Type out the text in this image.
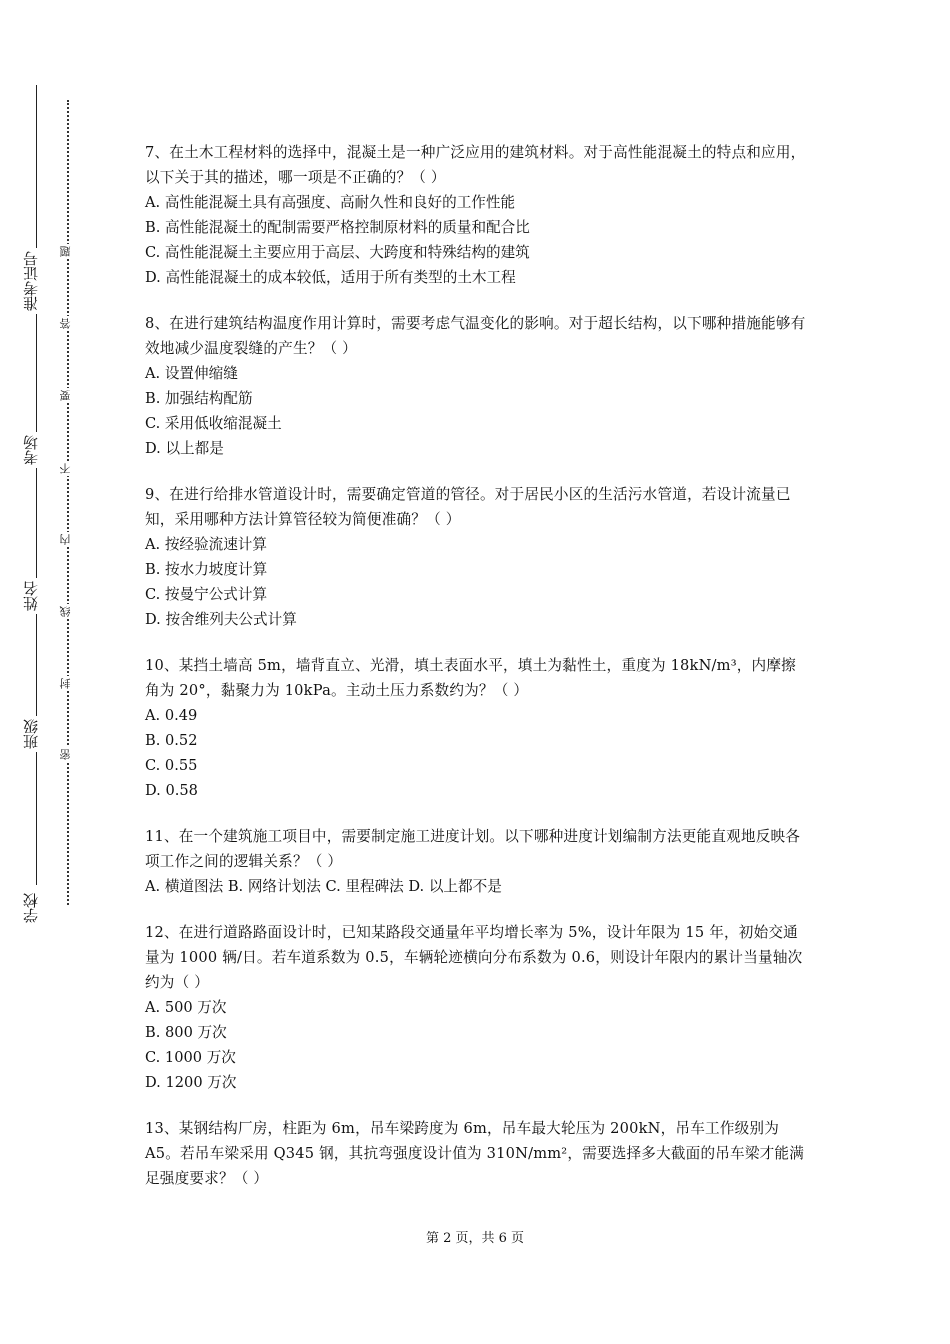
准考证号
考场
姓名
班级
学校
题
答
要
不
内
线
封
密

7、在土木工程材料的选择中，混凝土是一种广泛应用的建筑材料。对于高性能混凝土的特点和应用，以下关于其的描述，哪一项是不正确的？（ ）

A. 高性能混凝土具有高强度、高耐久性和良好的工作性能

B. 高性能混凝土的配制需要严格控制原材料的质量和配合比

C. 高性能混凝土主要应用于高层、大跨度和特殊结构的建筑

D. 高性能混凝土的成本较低，适用于所有类型的土木工程

8、在进行建筑结构温度作用计算时，需要考虑气温变化的影响。对于超长结构，以下哪种措施能够有效地减少温度裂缝的产生？（ ）

A. 设置伸缩缝

B. 加强结构配筋

C. 采用低收缩混凝土

D. 以上都是

9、在进行给排水管道设计时，需要确定管道的管径。对于居民小区的生活污水管道，若设计流量已知，采用哪种方法计算管径较为简便准确？（ ）

A. 按经验流速计算

B. 按水力坡度计算

C. 按曼宁公式计算

D. 按舍维列夫公式计算

10、某挡土墙高 5m，墙背直立、光滑，填土表面水平，填土为黏性土，重度为 18kN/m³，内摩擦角为 20°，黏聚力为 10kPa。主动土压力系数约为？（ ）

A. 0.49

B. 0.52

C. 0.55

D. 0.58

11、在一个建筑施工项目中，需要制定施工进度计划。以下哪种进度计划编制方法更能直观地反映各项工作之间的逻辑关系？（ ）

A. 横道图法 B. 网络计划法 C. 里程碑法 D. 以上都不是

12、在进行道路路面设计时，已知某路段交通量年平均增长率为 5%，设计年限为 15 年，初始交通量为 1000 辆/日。若车道系数为 0.5，车辆轮迹横向分布系数为 0.6，则设计年限内的累计当量轴次约为（ ）

A. 500 万次

B. 800 万次

C. 1000 万次

D. 1200 万次

13、某钢结构厂房，柱距为 6m，吊车梁跨度为 6m，吊车最大轮压为 200kN，吊车工作级别为 A5。若吊车梁采用 Q345 钢，其抗弯强度设计值为 310N/mm²，需要选择多大截面的吊车梁才能满足强度要求？（ ）

第 2 页，共 6 页
